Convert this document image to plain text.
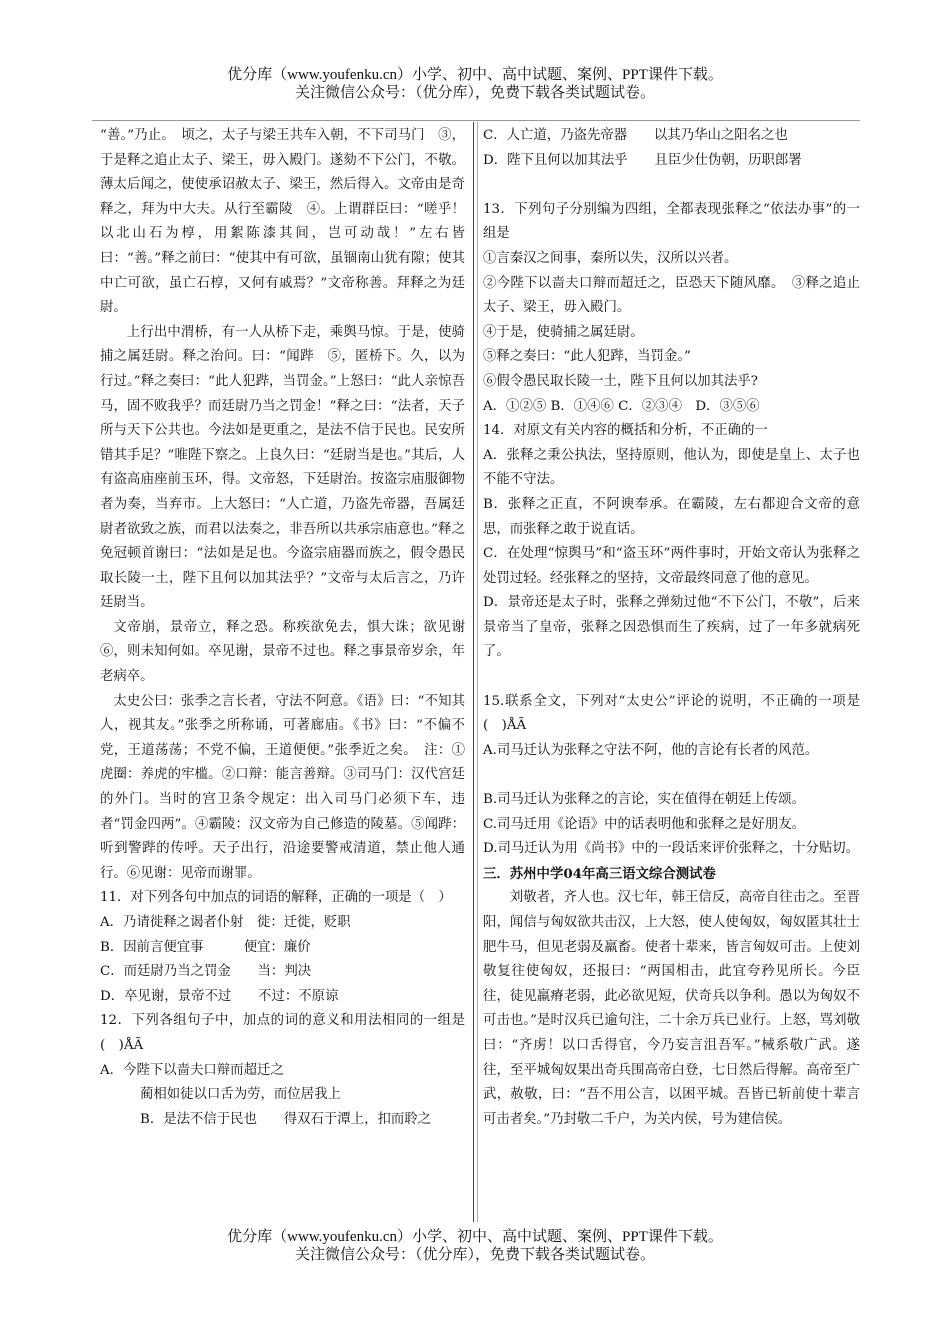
优分库（www.youfenku.cn）小学、初中、高中试题、案例、PPT课件下载。
关注微信公众号：（优分库），免费下载各类试题试卷。

“善。”乃止。　顷之，太子与梁王共车入朝，不下司马门　③，于是释之追止太子、梁王，毋入殿门。遂劾不下公门，不敬。薄太后闻之，使使承诏赦太子、梁王，然后得入。文帝由是奇释之，拜为中大夫。从行至霸陵　④。上谓群臣曰：“嗟乎！以北山石为椁，用絮陈漆其间，岂可动哉！”左右皆曰：“善。”释之前曰：“使其中有可欲，虽锢南山犹有隙；使其中亡可欲，虽亡石椁，又何有戚焉？”文帝称善。拜释之为廷尉。

上行出中渭桥，有一人从桥下走，乘舆马惊。于是，使骑捕之属廷尉。释之治问。曰：“闻跸　⑤，匿桥下。久，以为行过。”释之奏曰：“此人犯跸，当罚金。”上怒曰：“此人亲惊吾马，固不败我乎？而廷尉乃当之罚金！”释之曰：“法者，天子所与天下公共也。今法如是更重之，是法不信于民也。民安所错其手足？”唯陛下察之。上良久曰：“廷尉当是也。”其后，人有盗高庙座前玉环，得。文帝怒，下廷尉治。按盗宗庙服御物者为奏，当弃市。上大怒曰：“人亡道，乃盗先帝器，吾属廷尉者欲致之族，而君以法奏之，非吾所以共承宗庙意也。”释之免冠顿首谢曰：“法如是足也。今盗宗庙器而族之，假令愚民取长陵一土，陛下且何以加其法乎？”文帝与太后言之，乃许廷尉当。

文帝崩，景帝立，释之恐。称疾欲免去，惧大诛；欲见谢　⑥，则未知何如。卒见谢，景帝不过也。释之事景帝岁余，年老病卒。

太史公曰：张季之言长者，守法不阿意。《语》曰：“不知其人，视其友。”张季之所称诵，可著廊庙。《书》曰：“不偏不党，王道荡荡；不党不偏，王道便便。”张季近之矣。　注：①虎圈：养虎的牢槛。②口辩：能言善辩。③司马门：汉代宫廷的外门。当时的宫卫条令规定：出入司马门必须下车，违者“罚金四两”。④霸陵：汉文帝为自己修造的陵墓。⑤闻跸：听到警跸的传呼。天子出行，沿途要警戒清道，禁止他人通行。⑥见谢：见帝而谢罪。

11．对下列各句中加点的词语的解释，正确的一项是（　）

A．乃请徙释之谒者仆射　徙：迁徙，贬职

B．因前言便宜事　　　便宜：廉价

C．而廷尉乃当之罚金　　当：判决

D．卒见谢，景帝不过　　不过：不原谅

12．下列各组句子中，加点的词的意义和用法相同的一组是(　)ÅÃ

A．今陛下以啬夫口辩而超迁之

蔺相如徒以口舌为劳，而位居我上

B．是法不信于民也　　得双石于潭上，扣而聆之

C．人亡道，乃盗先帝器　　以其乃华山之阳名之也

D．陛下且何以加其法乎　　且臣少仕伪朝，历职郎署

13．下列句子分别编为四组，全都表现张释之“依法办事”的一组是

①言秦汉之间事，秦所以失，汉所以兴者。

②今陛下以啬夫口辩而超迁之，臣恐天下随风靡。　③释之追止太子、梁王，毋入殿门。

④于是，使骑捕之属廷尉。

⑤释之奏曰：“此人犯跸，当罚金。”

⑥假令愚民取长陵一土，陛下且何以加其法乎?

A．①②⑤ B．①④⑥ C．②③④　D．③⑤⑥

14．对原文有关内容的概括和分析，不正确的一

A．张释之秉公执法，坚持原则，他认为，即使是皇上、太子也不能不守法。

B．张释之正直，不阿谀奉承。在霸陵，左右都迎合文帝的意思，而张释之敢于说直话。

C．在处理“惊舆马”和“盗玉环”两件事时，开始文帝认为张释之处罚过轻。经张释之的坚持，文帝最终同意了他的意见。

D．景帝还是太子时，张释之弹劾过他“不下公门，不敬”，后来景帝当了皇帝，张释之因恐惧而生了疾病，过了一年多就病死了。

15.联系全文，下列对“太史公”评论的说明，不正确的一项是(　)ÅÃ

A.司马迁认为张释之守法不阿，他的言论有长者的风范。

B.司马迁认为张释之的言论，实在值得在朝廷上传颂。

C.司马迁用《论语》中的话表明他和张释之是好朋友。

D.司马迁认为用《尚书》中的一段话来评价张释之，十分贴切。

三．苏州中学04年高三语文综合测试卷

刘敬者，齐人也。汉七年，韩王信反，高帝自往击之。至晋阳，闻信与匈奴欲共击汉，上大怒，使人使匈奴，匈奴匿其壮士肥牛马，但见老弱及羸畜。使者十辈来，皆言匈奴可击。上使刘敬复往使匈奴，还报曰：“两国相击，此宜夸矜见所长。今臣往，徒见羸瘠老弱，此必欲见短，伏奇兵以争利。愚以为匈奴不可击也。”是时汉兵已逾句注，二十余万兵已业行。上怒，骂刘敬曰：“齐虏！以口舌得官，今乃妄言沮吾军。”械系敬广武。遂往，至平城匈奴果出奇兵围高帝白登，七日然后得解。高帝至广武，赦敬，曰：“吾不用公言，以困平城。吾皆已斩前使十辈言可击者矣。”乃封敬二千户，为关内侯，号为建信侯。

优分库（www.youfenku.cn）小学、初中、高中试题、案例、PPT课件下载。
关注微信公众号：（优分库），免费下载各类试题试卷。
